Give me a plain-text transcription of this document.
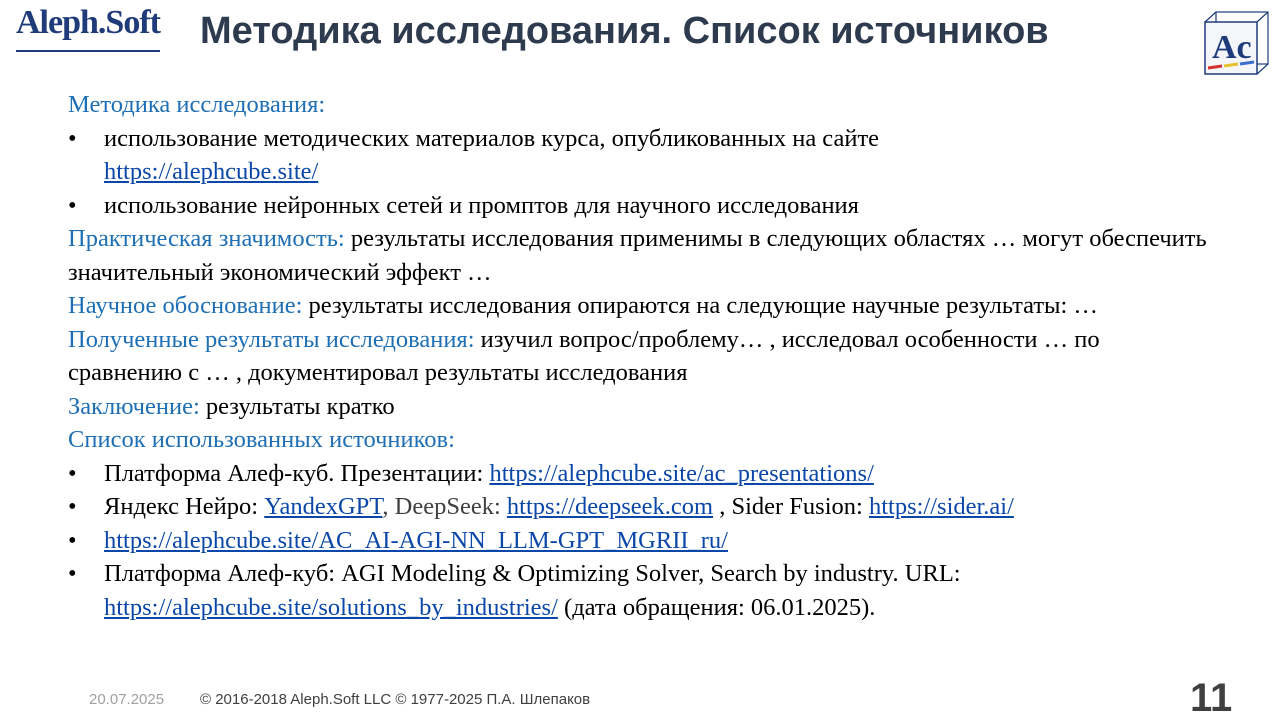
Aleph.Soft Методика исследования. Список источников	Ac

Методика исследования:

• использование методических материалов курса, опубликованных на сайте
https://alephcube.site/

• использование нейронных сетей и промптов для научного исследования

Практическая значимость: результаты исследования применимы в следующих областях … могут обеспечить значительный экономический эффект …

Научное обоснование: результаты исследования опираются на следующие научные результаты: …

Полученные результаты исследования: изучил вопрос/проблему… , исследовал особенности … по сравнению с … , документировал результаты исследования

Заключение: результаты кратко

Список использованных источников:

• Платформа Алеф-куб. Презентации: https://alephcube.site/ac_presentations/

• Яндекс Нейро: YandexGPT, DeepSeek: https://deepseek.com , Sider Fusion: https://sider.ai/

• https://alephcube.site/AC_AI-AGI-NN_LLM-GPT_MGRII_ru/

• Платформа Алеф-куб: AGI Modeling & Optimizing Solver, Search by industry. URL:
https://alephcube.site/solutions_by_industries/ (дата обращения: 06.01.2025).

20.07.2025 © 2016-2018 Aleph.Soft LLC © 1977-2025 П.А. Шлепаков	11
